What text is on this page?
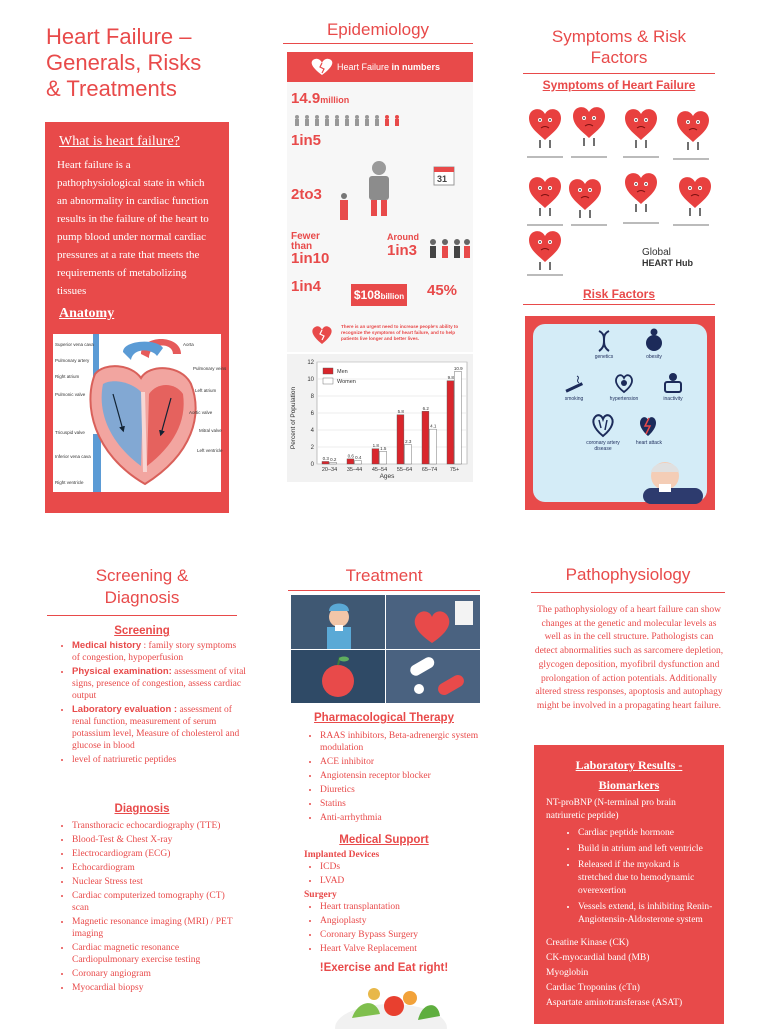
Heart Failure –
Generals, Risks
& Treatments
What is heart failure?

Heart failure is a pathophysiological state in which an abnormality in cardiac function results in the failure of the heart to pump blood under normal cardiac pressures at a rate that meets the requirements of metabolizing tissues

Anatomy
Superior vena cava
Pulmonary artery
Right atrium
Pulmonic valve
Tricuspid valve
Inferior vena cava
Right ventricle
Aorta
Pulmonary veins
Left atrium
Aortic valve
Mitral valve
Left ventricle
Epidemiology
Heart Failure
in numbers
14.9million

1in5
2to3
31
Fewer than
1in10
Around
1in3
1in4	$108billion 45%
There is an urgent need to increase people's ability to recognize the symptoms of heart failure, and to help patients live longer and better lives.
Percent of Population
Ages
0
2
4
6
8
10
12
20–34
0.3 0.2
35–44
0.6 0.4
45–54
1.8
1.5
55–64
5.8
2.3
65–74
6.2
4.1
75+
9.8
10.9
Men
Women
Symptoms & Risk
Factors
Symptoms of Heart Failure
Global
HEART Hub
Risk Factors
genetics	obesity
smoking	hypertension	inactivity
coronary artery disease
heart attack
Screening &
Diagnosis
Screening
• Medical history : family story symptoms of congestion, hypoperfusion
• Physical examination: assessment of vital signs, presence of congestion, assess cardiac output
• Laboratory evaluation : assessment of renal function, measurement of serum potassium level, Measure of cholesterol and glucose in blood
• level of natriuretic peptides
Diagnosis
• Transthoracic echocardiography (TTE)
• Blood-Test & Chest X-ray
• Electrocardiogram (ECG)
• Echocardiogram
• Nuclear Stress test
• Cardiac computerized tomography (CT) scan
• Magnetic resonance imaging (MRI) / PET imaging
• Cardiac magnetic resonance Cardiopulmonary exercise testing
• Coronary angiogram
• Myocardial biopsy
Treatment
Pharmacological Therapy
• RAAS inhibitors, Beta-adrenergic system modulation
• ACE inhibitor
• Angiotensin receptor blocker
• Diuretics
• Statins
• Anti-arrhythmia
Medical Support
Implanted Devices
• ICDs
• LVAD
Surgery
• Heart transplantation
• Angioplasty
• Coronary Bypass Surgery
• Heart Valve Replacement
!Exercise and Eat right!
Pathophysiology
The pathophysiology of a heart failure can show changes at the genetic and molecular levels as well as in the cell structure. Pathologists can detect abnormalities such as sarcomere depletion, glycogen deposition, myofibril dysfunction and prolongation of action potentials. Additionally altered stress responses, apoptosis and autophagy might be involved in a propagating heart failure.
Laboratory Results -
Biomarkers
NT-proBNP (N-terminal pro brain natriuretic peptide)
• Cardiac peptide hormone
• Build in atrium and left ventricle
• Released if the myokard is stretched due to hemodynamic overexertion
• Vessels extend, is inhibiting Renin-Angiotensin-Aldosterone system
Creatine Kinase (CK)
CK-myocardial band (MB)
Myoglobin
Cardiac Troponins (cTn)
Aspartate aminotransferase (ASAT)
